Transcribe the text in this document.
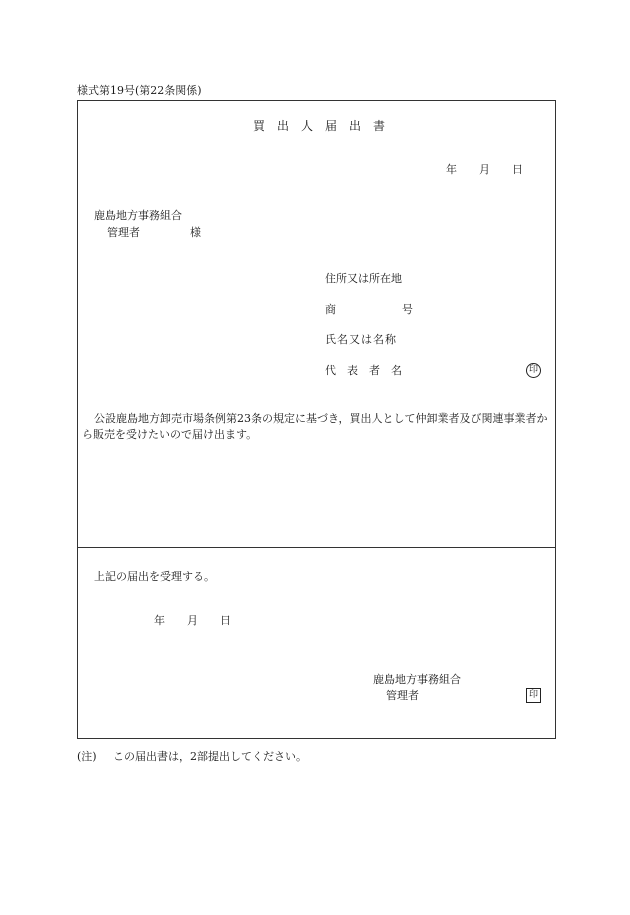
様式第19号(第22条関係)
買　出　人　届　出　書
年　　月　　日
鹿島地方事務組合
管理者	様
住所又は所在地
商　　　　　　号
氏名又は名称
代　表　者　名	印
公設鹿島地方卸売市場条例第23条の規定に基づき，買出人として仲卸業者及び関連事業者から販売を受けたいので届け出ます。
上記の届出を受理する。
年　　月　　日
鹿島地方事務組合
管理者	印
(注) この届出書は，2部提出してください。
